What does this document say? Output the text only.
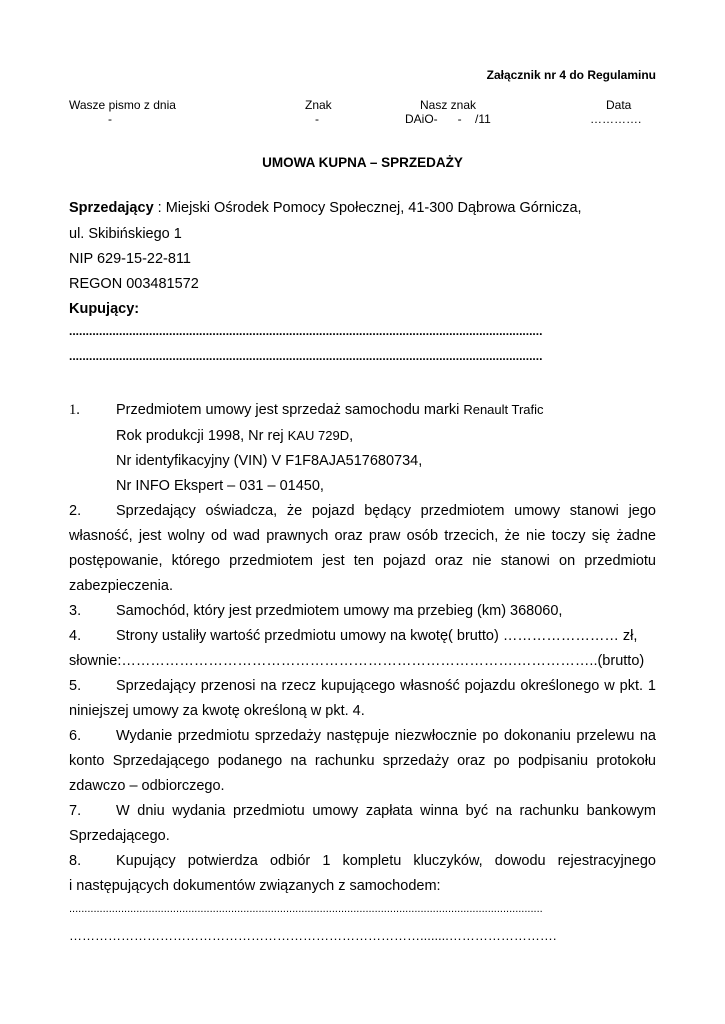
Załącznik nr 4 do Regulaminu
Wasze pismo z dnia
-
Znak
-
Nasz znak
DAiO-      -    /11
Data
………….
UMOWA KUPNA – SPRZEDAŻY
Sprzedający : Miejski Ośrodek Pomocy Społecznej, 41-300 Dąbrowa Górnicza,
ul. Skibińskiego 1
NIP 629-15-22-811
REGON 003481572
Kupujący:
..............................................................................................................................................
..............................................................................................................................................
1. Przedmiotem umowy jest sprzedaż samochodu marki Renault Trafic
Rok produkcji 1998, Nr rej KAU 729D,
Nr identyfikacyjny (VIN) V F1F8AJA517680734,
Nr INFO Ekspert – 031 – 01450,
2. Sprzedający oświadcza, że pojazd będący przedmiotem umowy stanowi jego
własność, jest wolny od wad prawnych oraz praw osób trzecich, że nie toczy się żadne
postępowanie, którego przedmiotem jest ten pojazd oraz nie stanowi on przedmiotu
zabezpieczenia.
3. Samochód, który jest przedmiotem umowy ma przebieg (km) 368060,
4. Strony ustaliły wartość przedmiotu umowy na kwotę( brutto) …………………… zł,
słownie:……………………………………………………………………….……………..(brutto)
5. Sprzedający przenosi na rzecz kupującego własność pojazdu określonego w pkt. 1
niniejszej umowy za kwotę określoną w pkt. 4.
6. Wydanie przedmiotu sprzedaży następuje niezwłocznie po dokonaniu przelewu na
konto Sprzedającego podanego na rachunku sprzedaży oraz po podpisaniu protokołu
zdawczo – odbiorczego.
7. W dniu wydania przedmiotu umowy zapłata winna być na rachunku bankowym
Sprzedającego.
8. Kupujący potwierdza odbiór 1 kompletu kluczyków, dowodu rejestracyjnego
i następujących dokumentów związanych z samochodem:
...........................................................................................................................................................
………………………………………………………………………........…………………….
